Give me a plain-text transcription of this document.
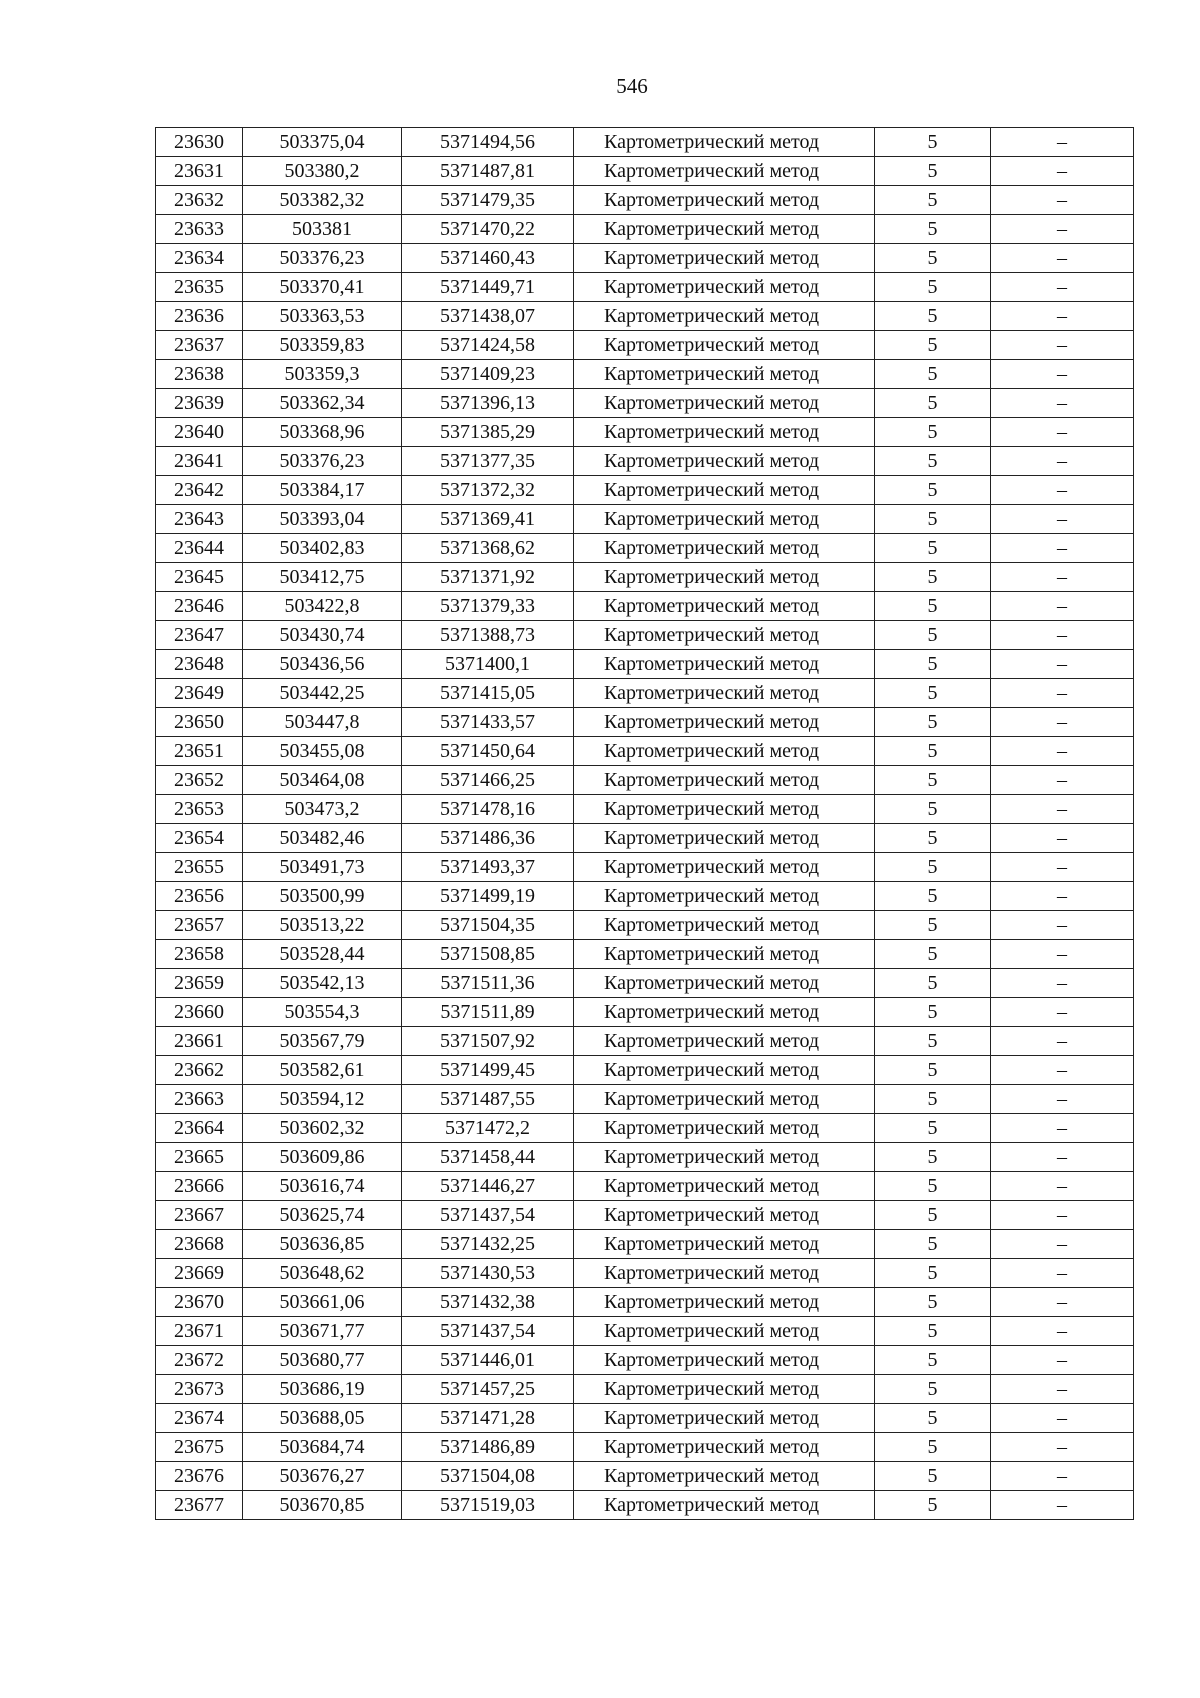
546
23630	503375,04	5371494,56	Картометрический метод	5	–
23631	503380,2	5371487,81	Картометрический метод	5	–
23632	503382,32	5371479,35	Картометрический метод	5	–
23633	503381	5371470,22	Картометрический метод	5	–
23634	503376,23	5371460,43	Картометрический метод	5	–
23635	503370,41	5371449,71	Картометрический метод	5	–
23636	503363,53	5371438,07	Картометрический метод	5	–
23637	503359,83	5371424,58	Картометрический метод	5	–
23638	503359,3	5371409,23	Картометрический метод	5	–
23639	503362,34	5371396,13	Картометрический метод	5	–
23640	503368,96	5371385,29	Картометрический метод	5	–
23641	503376,23	5371377,35	Картометрический метод	5	–
23642	503384,17	5371372,32	Картометрический метод	5	–
23643	503393,04	5371369,41	Картометрический метод	5	–
23644	503402,83	5371368,62	Картометрический метод	5	–
23645	503412,75	5371371,92	Картометрический метод	5	–
23646	503422,8	5371379,33	Картометрический метод	5	–
23647	503430,74	5371388,73	Картометрический метод	5	–
23648	503436,56	5371400,1	Картометрический метод	5	–
23649	503442,25	5371415,05	Картометрический метод	5	–
23650	503447,8	5371433,57	Картометрический метод	5	–
23651	503455,08	5371450,64	Картометрический метод	5	–
23652	503464,08	5371466,25	Картометрический метод	5	–
23653	503473,2	5371478,16	Картометрический метод	5	–
23654	503482,46	5371486,36	Картометрический метод	5	–
23655	503491,73	5371493,37	Картометрический метод	5	–
23656	503500,99	5371499,19	Картометрический метод	5	–
23657	503513,22	5371504,35	Картометрический метод	5	–
23658	503528,44	5371508,85	Картометрический метод	5	–
23659	503542,13	5371511,36	Картометрический метод	5	–
23660	503554,3	5371511,89	Картометрический метод	5	–
23661	503567,79	5371507,92	Картометрический метод	5	–
23662	503582,61	5371499,45	Картометрический метод	5	–
23663	503594,12	5371487,55	Картометрический метод	5	–
23664	503602,32	5371472,2	Картометрический метод	5	–
23665	503609,86	5371458,44	Картометрический метод	5	–
23666	503616,74	5371446,27	Картометрический метод	5	–
23667	503625,74	5371437,54	Картометрический метод	5	–
23668	503636,85	5371432,25	Картометрический метод	5	–
23669	503648,62	5371430,53	Картометрический метод	5	–
23670	503661,06	5371432,38	Картометрический метод	5	–
23671	503671,77	5371437,54	Картометрический метод	5	–
23672	503680,77	5371446,01	Картометрический метод	5	–
23673	503686,19	5371457,25	Картометрический метод	5	–
23674	503688,05	5371471,28	Картометрический метод	5	–
23675	503684,74	5371486,89	Картометрический метод	5	–
23676	503676,27	5371504,08	Картометрический метод	5	–
23677	503670,85	5371519,03	Картометрический метод	5	–
